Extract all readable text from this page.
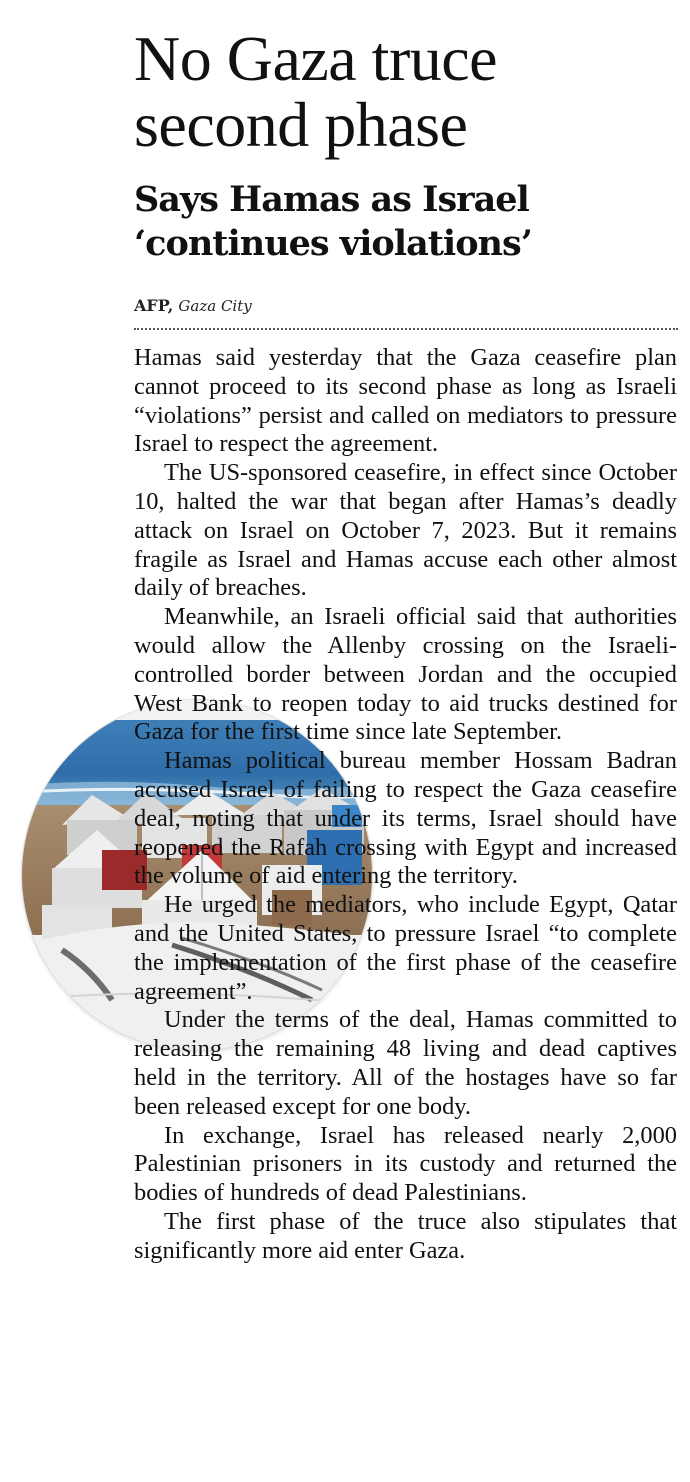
No Gaza truce second phase
Says Hamas as Israel ‘continues violations’
AFP, Gaza City

Hamas said yesterday that the Gaza ceasefire plan cannot proceed to its second phase as long as Israeli “violations” persist and called on mediators to pressure Israel to respect the agreement.

The US-sponsored ceasefire, in effect since October 10, halted the war that began after Hamas’s deadly attack on Israel on October 7, 2023. But it remains fragile as Israel and Hamas accuse each other almost daily of breaches.

Meanwhile, an Israeli official said that authorities would allow the Allenby crossing on the Israeli-controlled border between Jordan and the occupied West Bank to reopen today to aid trucks destined for Gaza for the first time since late September.

Hamas political bureau member Hossam Badran accused Israel of failing to respect the Gaza ceasefire deal, noting that under its terms, Israel should have reopened the Rafah crossing with Egypt and increased the volume of aid entering the territory.

He urged the mediators, who include Egypt, Qatar and the United States, to pressure Israel “to complete the implementation of the first phase of the ceasefire agreement”.

Under the terms of the deal, Hamas committed to releasing the remaining 48 living and dead captives held in the territory. All of the hostages have so far been released except for one body.

In exchange, Israel has released nearly 2,000 Palestinian prisoners in its custody and returned the bodies of hundreds of dead Palestinians.

The first phase of the truce also stipulates that significantly more aid enter Gaza.
